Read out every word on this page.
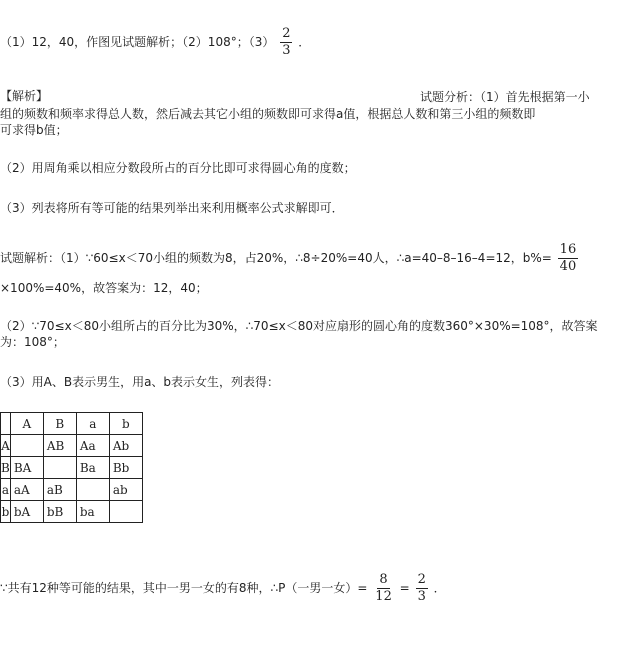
（1）12，40，作图见试题解析；（2）108°；$(3) \frac{2}{3}$ ．
【解析】	试题分析：（1）首先根据第一小
组的频数和频率求得总人数，然后减去其它小组的频数即可求得a值，根据总人数和第三小组的频数即
可求得b值；
（2）用周角乘以相应分数段所占的百分比即可求得圆心角的度数；
（3）列表将所有等可能的结果列举出来利用概率公式求解即可．
试题解析：（1）∵60≤x＜70小组的频数为8，占20%，∴8÷20%=40人，∴a=40–8–16–4=12，$b\%= \frac{16}{40}$
×100%=40%，故答案为：12，40；
（2）∵70≤x＜80小组所占的百分比为30%，∴70≤x＜80对应扇形的圆心角的度数360°×30%=108°，故答案
为：108°；
（3）用A、B表示男生，用a、b表示女生，列表得：
	A	B	a	b
A		AB	Aa	Ab
B	BA		Ba	Bb
a	aA	aB		ab
b	bA	bB	ba	
∵共有12种等可能的结果，其中一男一女的有8种，∴P（一男一女）= $\frac{8}{12} = \frac{2}{3}$ ．
